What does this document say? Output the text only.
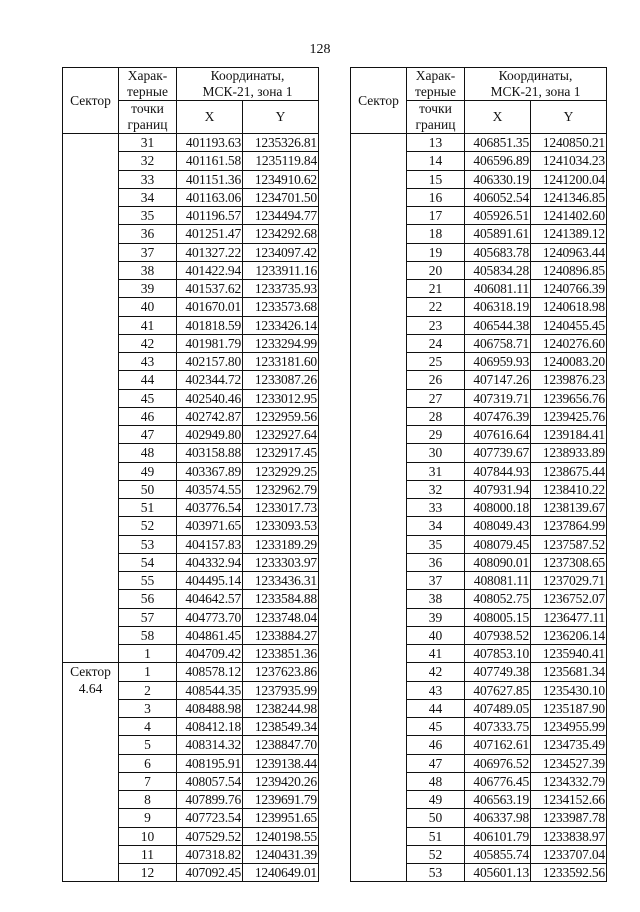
128
Сектор	Харак-
терные	Координаты,
МСК-21, зона 1	
	точки
границ	X	Y
	31	401193.63	1235326.81
	32	401161.58	1235119.84
	33	401151.36	1234910.62
	34	401163.06	1234701.50
	35	401196.57	1234494.77
	36	401251.47	1234292.68
	37	401327.22	1234097.42
	38	401422.94	1233911.16
	39	401537.62	1233735.93
	40	401670.01	1233573.68
	41	401818.59	1233426.14
	42	401981.79	1233294.99
	43	402157.80	1233181.60
	44	402344.72	1233087.26
	45	402540.46	1233012.95
	46	402742.87	1232959.56
	47	402949.80	1232927.64
	48	403158.88	1232917.45
	49	403367.89	1232929.25
	50	403574.55	1232962.79
	51	403776.54	1233017.73
	52	403971.65	1233093.53
	53	404157.83	1233189.29
	54	404332.94	1233303.97
	55	404495.14	1233436.31
	56	404642.57	1233584.88
	57	404773.70	1233748.04
	58	404861.45	1233884.27
	1	404709.42	1233851.36
Сектор 4.64	1	408578.12	1237623.86
	2	408544.35	1237935.99
	3	408488.98	1238244.98
	4	408412.18	1238549.34
	5	408314.32	1238847.70
	6	408195.91	1239138.44
	7	408057.54	1239420.26
	8	407899.76	1239691.79
	9	407723.54	1239951.65
	10	407529.52	1240198.55
	11	407318.82	1240431.39
	12	407092.45	1240649.01
Сектор	Харак-
терные	Координаты,
МСК-21, зона 1	
	точки
границ	X	Y
	13	406851.35	1240850.21
	14	406596.89	1241034.23
	15	406330.19	1241200.04
	16	406052.54	1241346.85
	17	405926.51	1241402.60
	18	405891.61	1241389.12
	19	405683.78	1240963.44
	20	405834.28	1240896.85
	21	406081.11	1240766.39
	22	406318.19	1240618.98
	23	406544.38	1240455.45
	24	406758.71	1240276.60
	25	406959.93	1240083.20
	26	407147.26	1239876.23
	27	407319.71	1239656.76
	28	407476.39	1239425.76
	29	407616.64	1239184.41
	30	407739.67	1238933.89
	31	407844.93	1238675.44
	32	407931.94	1238410.22
	33	408000.18	1238139.67
	34	408049.43	1237864.99
	35	408079.45	1237587.52
	36	408090.01	1237308.65
	37	408081.11	1237029.71
	38	408052.75	1236752.07
	39	408005.15	1236477.11
	40	407938.52	1236206.14
	41	407853.10	1235940.41
	42	407749.38	1235681.34
	43	407627.85	1235430.10
	44	407489.05	1235187.90
	45	407333.75	1234955.99
	46	407162.61	1234735.49
	47	406976.52	1234527.39
	48	406776.45	1234332.79
	49	406563.19	1234152.66
	50	406337.98	1233987.78
	51	406101.79	1233838.97
	52	405855.74	1233707.04
	53	405601.13	1233592.56
